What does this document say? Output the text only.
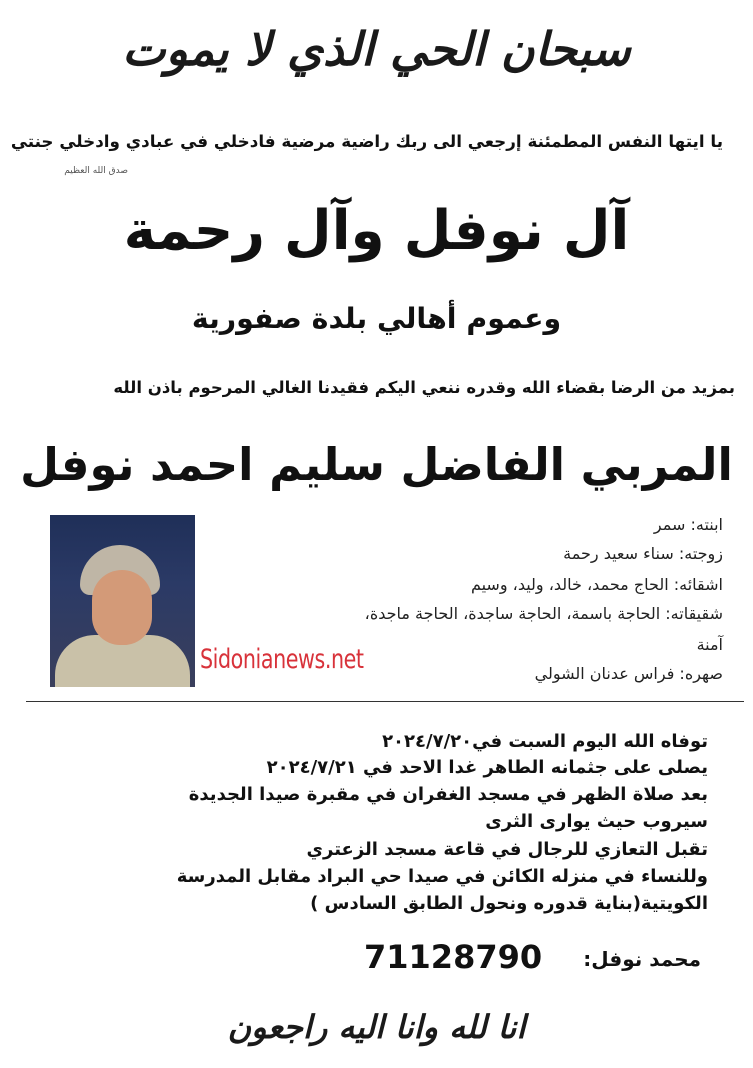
سبحان الحي الذي لا يموت
يا ايتها النفس المطمئنة إرجعي الى ربك راضية مرضية فادخلي في عبادي وادخلي جنتي
صدق الله العظيم
آل نوفل وآل رحمة
وعموم أهالي بلدة صفورية
بمزيد من الرضا بقضاء الله وقدره ننعي اليكم فقيدنا الغالي المرحوم باذن الله
المربي الفاضل سليم احمد نوفل
ابنته: سمر
زوجته: سناء سعيد رحمة
اشقائه: الحاج محمد، خالد، وليد، وسيم
شقيقاته: الحاجة باسمة، الحاجة ساجدة، الحاجة ماجدة،
آمنة
صهره: فراس عدنان الشولي
Sidonianews.net
توفاه الله اليوم السبت في٢٠٢٤/٧/٢٠
يصلى على جثمانه الطاهر غدا الاحد في ٢٠٢٤/٧/٢١
بعد صلاة الظهر في مسجد الغفران في مقبرة صيدا الجديدة
سيروب حيث يوارى الثرى
تقبل التعازي للرجال في قاعة مسجد الزعتري
وللنساء في منزله الكائن في صيدا حي البراد مقابل المدرسة
الكويتية(بناية قدوره ونحول الطابق السادس )
محمد نوفل:
71128790
انا لله وانا اليه راجعون
